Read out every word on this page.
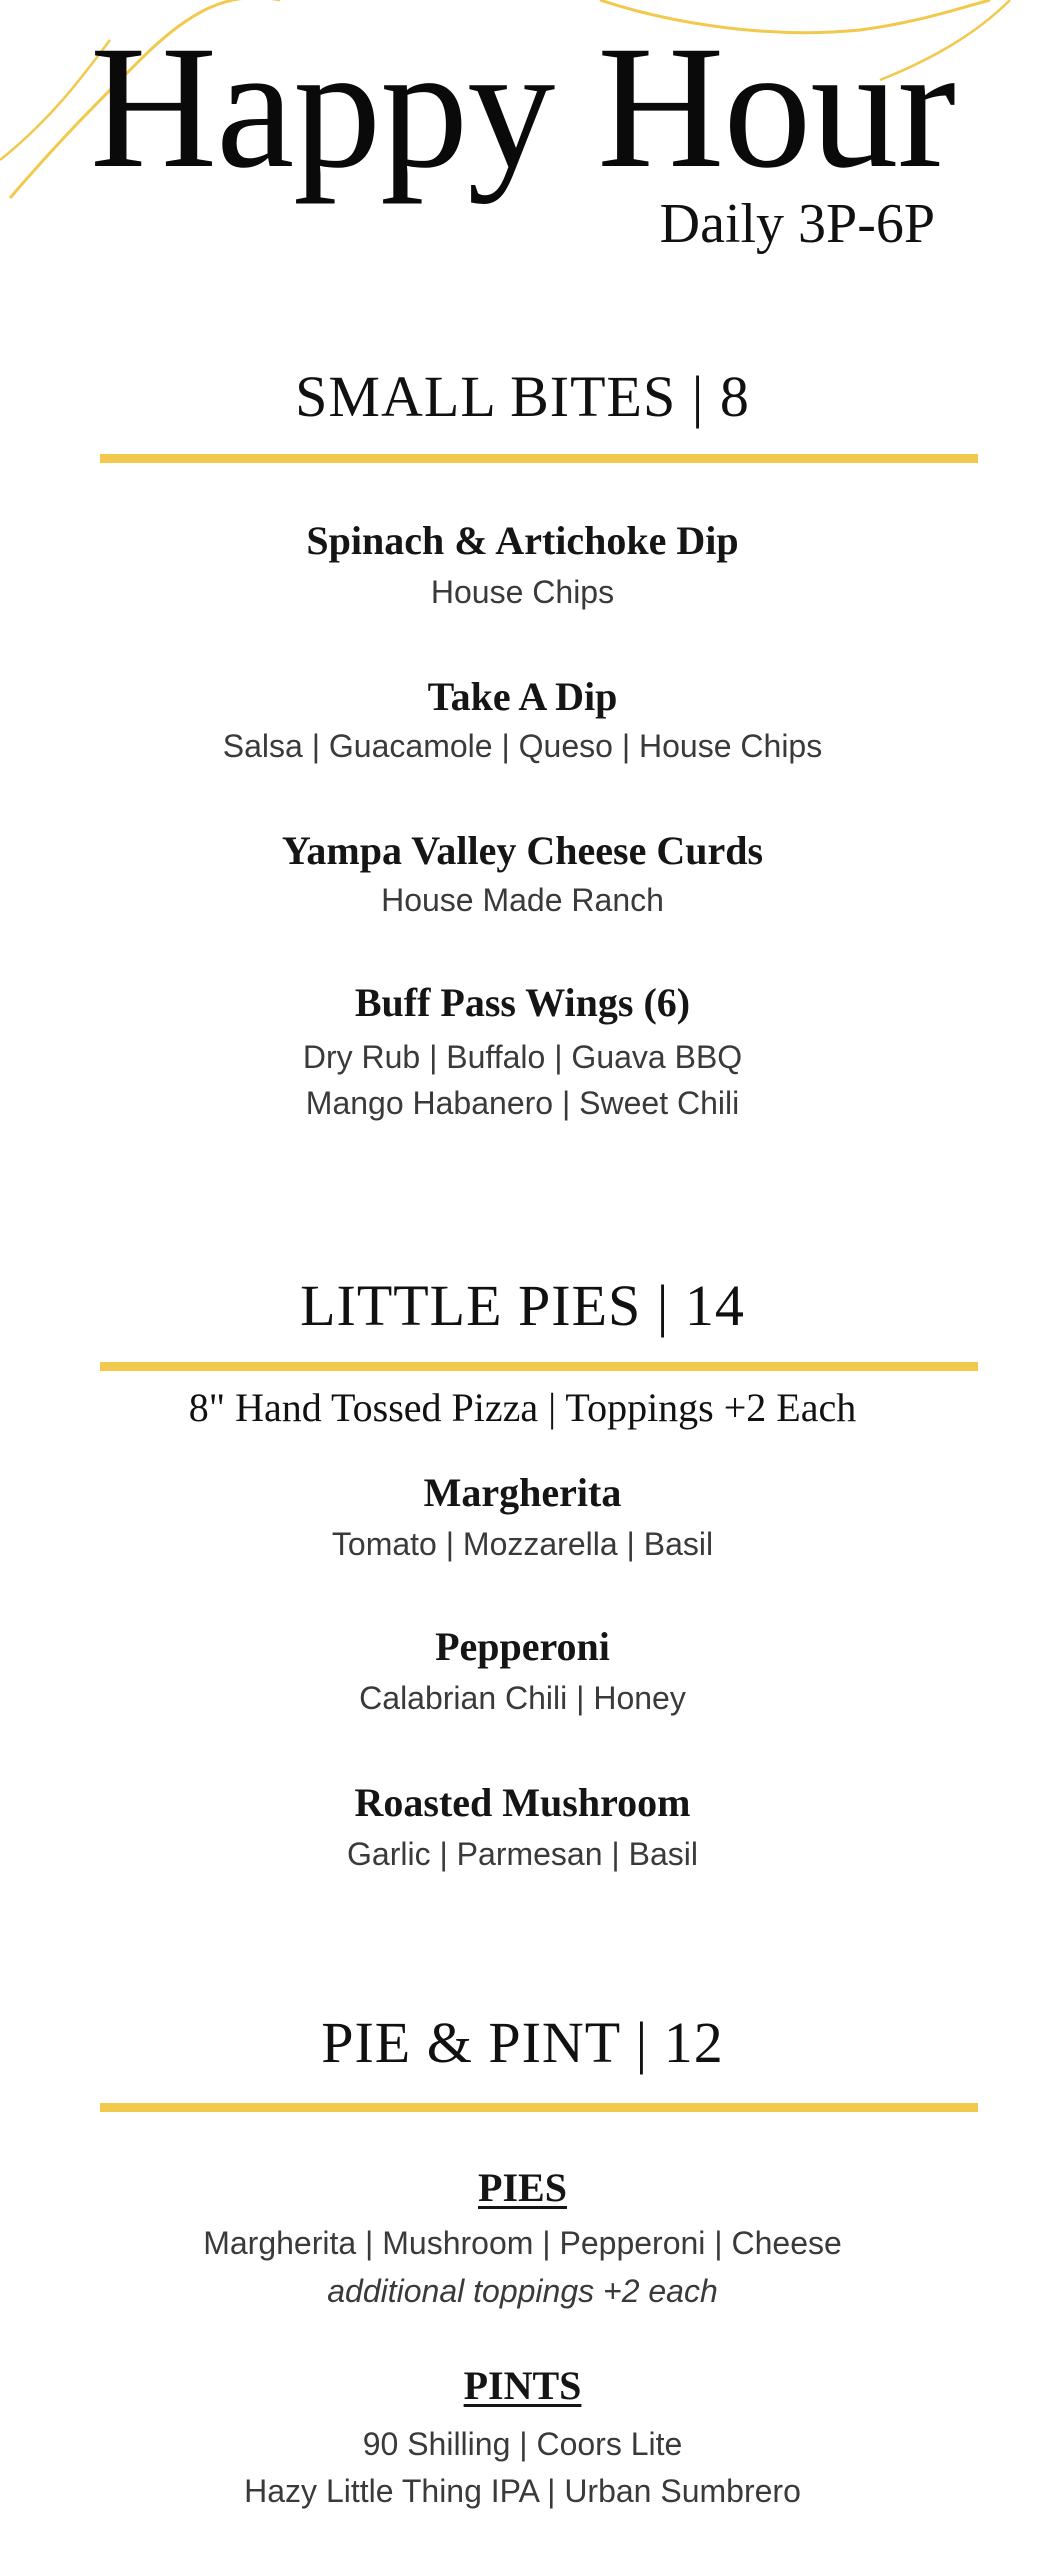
Happy Hour
Daily 3P-6P
SMALL BITES | 8
Spinach & Artichoke Dip
House Chips
Take A Dip
Salsa | Guacamole | Queso | House Chips
Yampa Valley Cheese Curds
House Made Ranch
Buff Pass Wings (6)
Dry Rub | Buffalo | Guava BBQ
Mango Habanero | Sweet Chili
LITTLE PIES | 14
8" Hand Tossed Pizza | Toppings +2 Each
Margherita
Tomato | Mozzarella | Basil
Pepperoni
Calabrian Chili | Honey
Roasted Mushroom
Garlic | Parmesan | Basil
PIE & PINT | 12
PIES
Margherita | Mushroom | Pepperoni | Cheese
additional toppings +2 each
PINTS
90 Shilling | Coors Lite
Hazy Little Thing IPA | Urban Sumbrero
